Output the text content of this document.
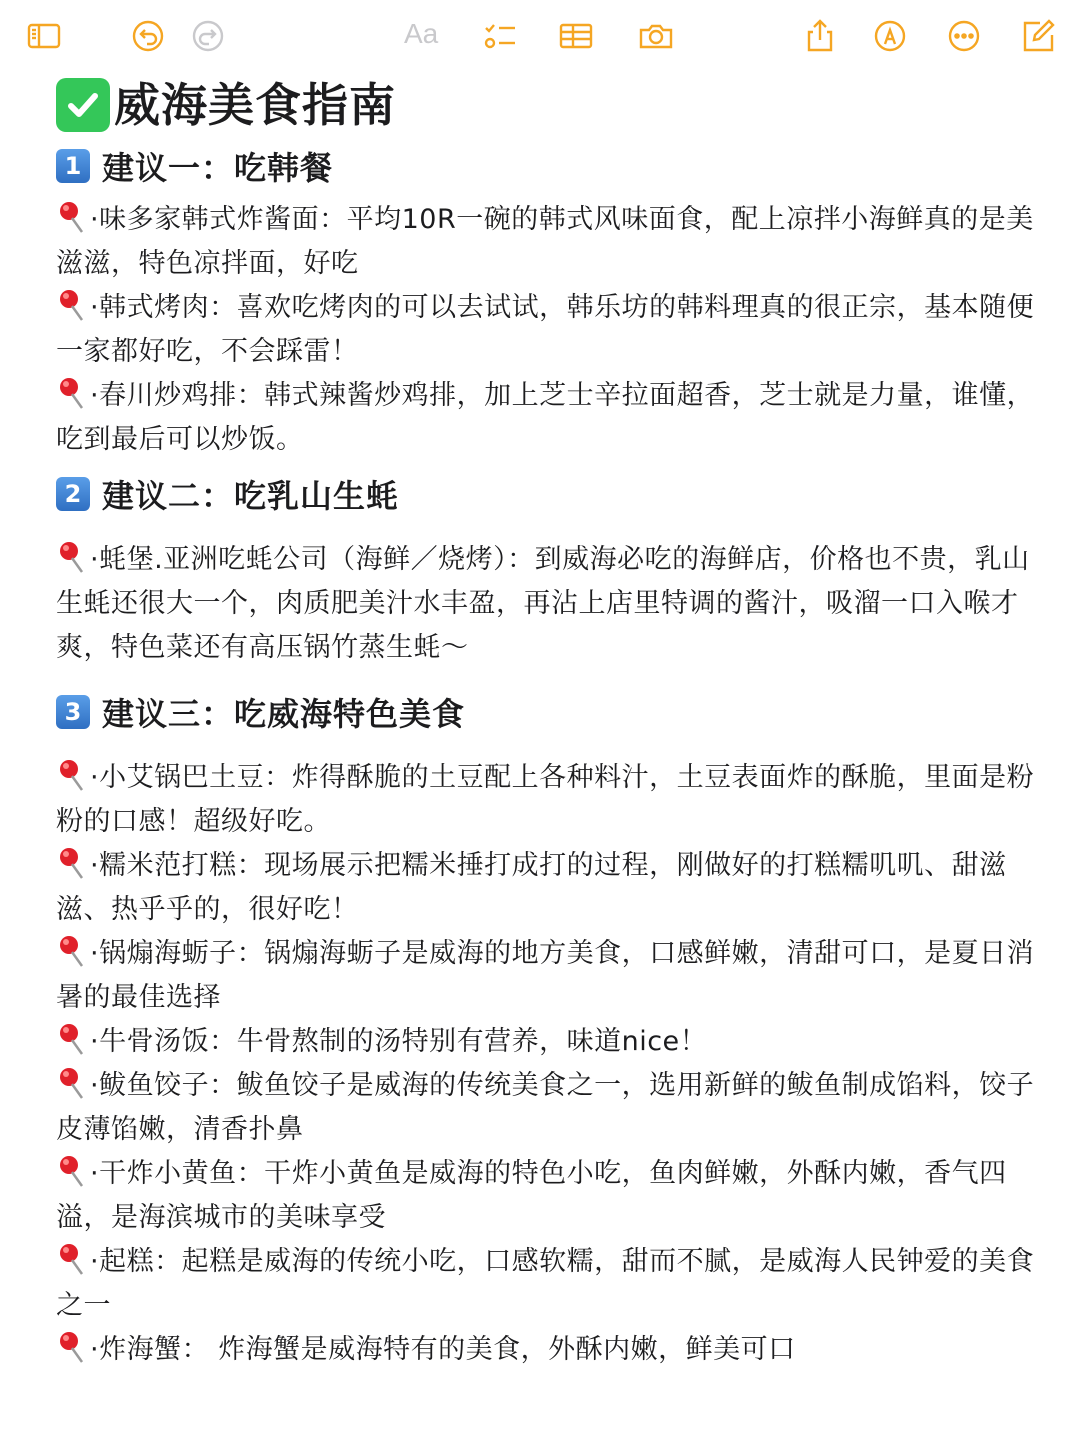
Aa
威海美食指南
1 建议一：吃韩餐
·味多家韩式炸酱面：平均10R一碗的韩式风味面食，配上凉拌小海鲜真的是美滋滋，特色凉拌面，好吃
·韩式烤肉：喜欢吃烤肉的可以去试试，韩乐坊的韩料理真的很正宗，基本随便一家都好吃，不会踩雷！
·春川炒鸡排：韩式辣酱炒鸡排，加上芝士辛拉面超香，芝士就是力量，谁懂，吃到最后可以炒饭。
2 建议二：吃乳山生蚝
·蚝堡.亚洲吃蚝公司（海鲜／烧烤）：到威海必吃的海鲜店，价格也不贵，乳山生蚝还很大一个，肉质肥美汁水丰盈，再沾上店里特调的酱汁，吸溜一口入喉才爽，特色菜还有高压锅竹蒸生蚝～
3 建议三：吃威海特色美食
·小艾锅巴土豆：炸得酥脆的土豆配上各种料汁，土豆表面炸的酥脆，里面是粉粉的口感！超级好吃。
·糯米范打糕：现场展示把糯米捶打成打的过程，刚做好的打糕糯叽叽、甜滋滋、热乎乎的，很好吃！
·锅煽海蛎子：锅煽海蛎子是威海的地方美食，口感鲜嫩，清甜可口，是夏日消暑的最佳选择
·牛骨汤饭：牛骨熬制的汤特别有营养，味道nice！
·鲅鱼饺子：鲅鱼饺子是威海的传统美食之一，选用新鲜的鲅鱼制成馅料，饺子皮薄馅嫩，清香扑鼻
·干炸小黄鱼：干炸小黄鱼是威海的特色小吃，鱼肉鲜嫩，外酥内嫩，香气四溢，是海滨城市的美味享受
·起糕：起糕是威海的传统小吃，口感软糯，甜而不腻，是威海人民钟爱的美食之一
·炸海蟹： 炸海蟹是威海特有的美食，外酥内嫩，鲜美可口
